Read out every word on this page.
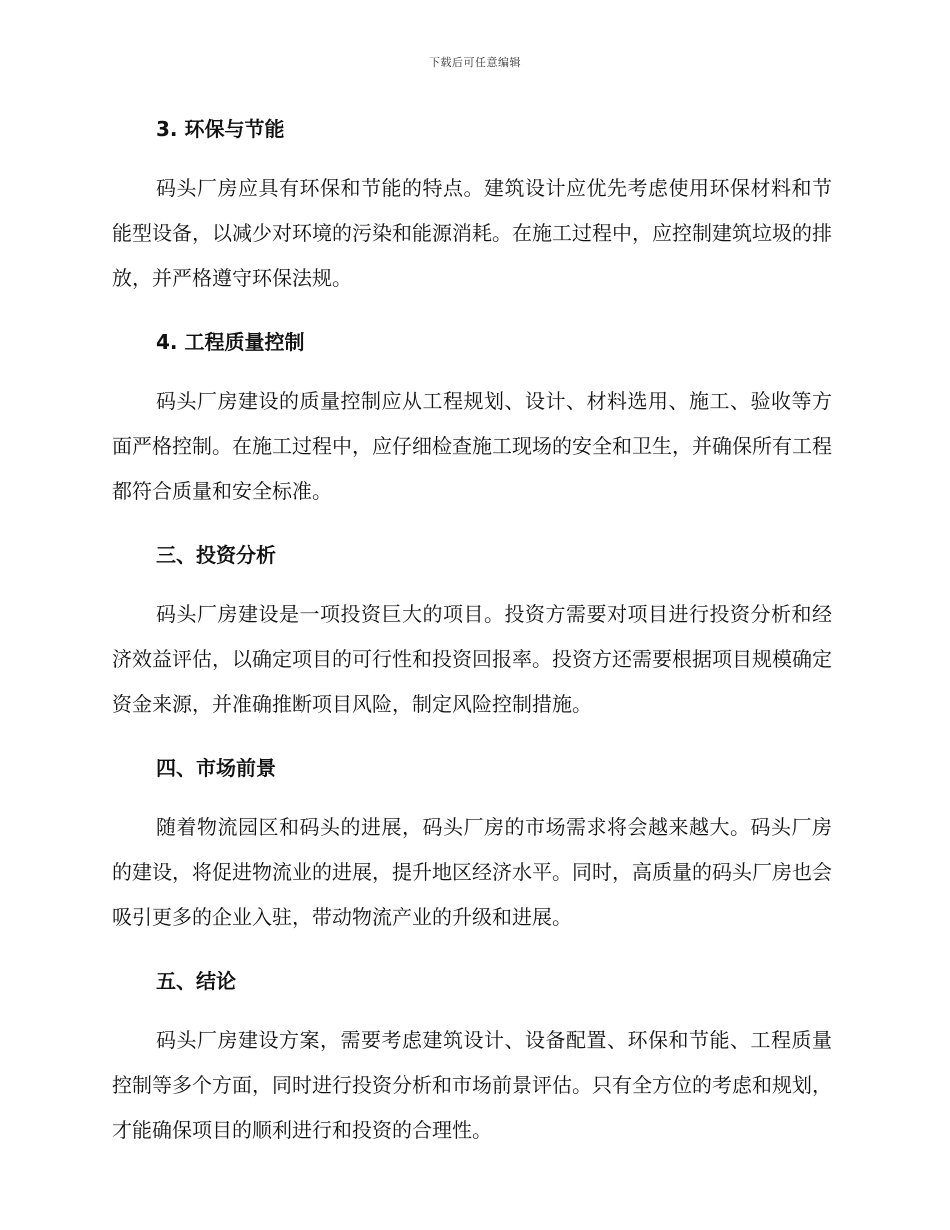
下载后可任意编辑
3. 环保与节能

码头厂房应具有环保和节能的特点。建筑设计应优先考虑使用环保材料和节能型设备，以减少对环境的污染和能源消耗。在施工过程中，应控制建筑垃圾的排放，并严格遵守环保法规。

4. 工程质量控制

码头厂房建设的质量控制应从工程规划、设计、材料选用、施工、验收等方面严格控制。在施工过程中，应仔细检查施工现场的安全和卫生，并确保所有工程都符合质量和安全标准。

三、投资分析

码头厂房建设是一项投资巨大的项目。投资方需要对项目进行投资分析和经济效益评估，以确定项目的可行性和投资回报率。投资方还需要根据项目规模确定资金来源，并准确推断项目风险，制定风险控制措施。

四、市场前景

随着物流园区和码头的进展，码头厂房的市场需求将会越来越大。码头厂房的建设，将促进物流业的进展，提升地区经济水平。同时，高质量的码头厂房也会吸引更多的企业入驻，带动物流产业的升级和进展。

五、结论

码头厂房建设方案，需要考虑建筑设计、设备配置、环保和节能、工程质量控制等多个方面，同时进行投资分析和市场前景评估。只有全方位的考虑和规划，才能确保项目的顺利进行和投资的合理性。
